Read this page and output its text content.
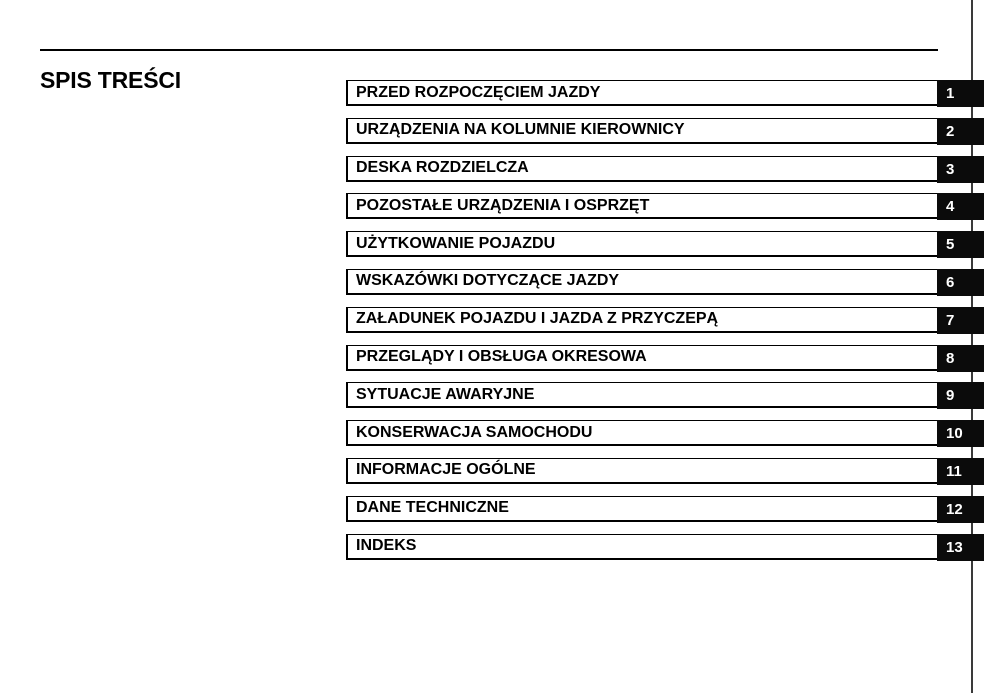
SPIS TREŚCI	PRZED ROZPOCZĘCIEM JAZDY	1
URZĄDZENIA NA KOLUMNIE KIEROWNICY	2
DESKA ROZDZIELCZA	3
POZOSTAŁE URZĄDZENIA I OSPRZĘT	4
UŻYTKOWANIE POJAZDU	5
WSKAZÓWKI DOTYCZĄCE JAZDY	6
ZAŁADUNEK POJAZDU I JAZDA Z PRZYCZEPĄ	7
PRZEGLĄDY I OBSŁUGA OKRESOWA	8
SYTUACJE AWARYJNE	9
KONSERWACJA SAMOCHODU	10
INFORMACJE OGÓLNE	11
DANE TECHNICZNE	12
INDEKS	13
